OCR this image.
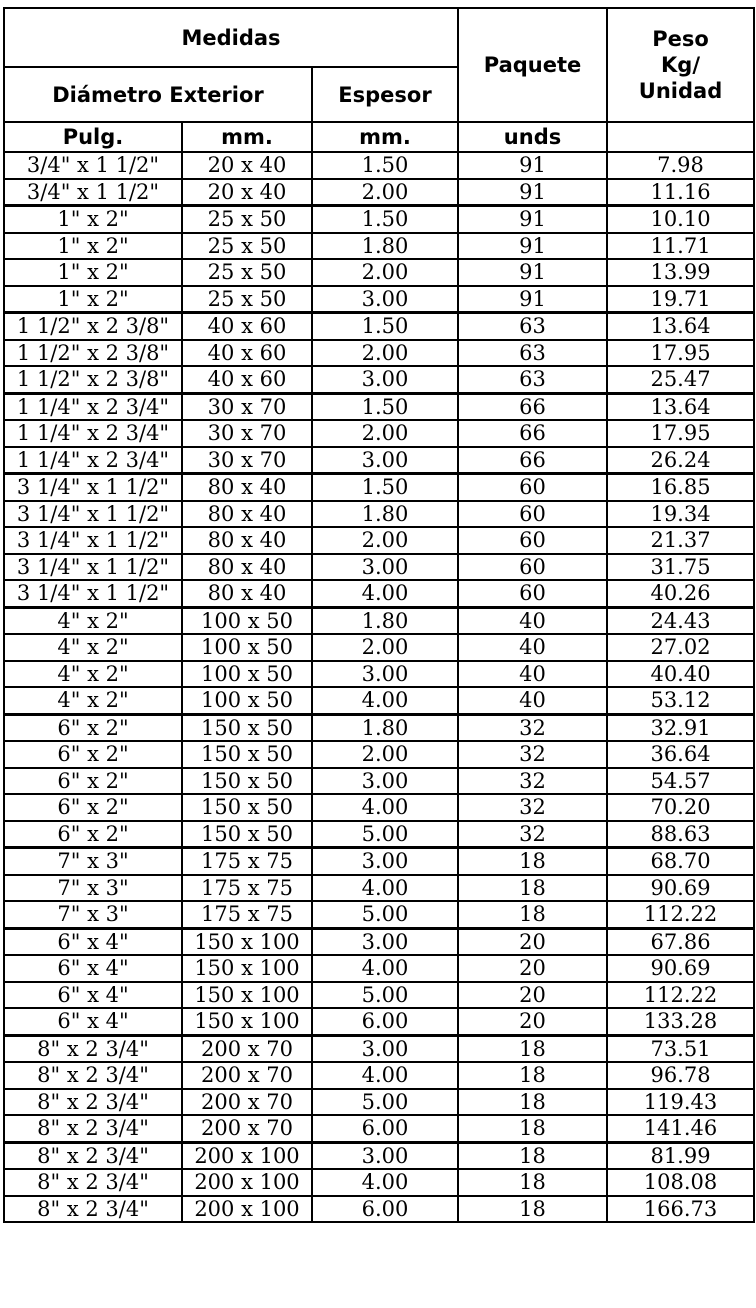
Medidas			Paquete	Peso
Kg/
Unidad

Diámetro Exterior		Espesor		
Pulg.	mm.	mm.	unds	
3/4" x 1 1/2"	20 x 40	1.50	91	7.98
3/4" x 1 1/2"	20 x 40	2.00	91	11.16
1" x 2"	25 x 50	1.50	91	10.10
1" x 2"	25 x 50	1.80	91	11.71
1" x 2"	25 x 50	2.00	91	13.99
1" x 2"	25 x 50	3.00	91	19.71
1 1/2" x 2 3/8"	40 x 60	1.50	63	13.64
1 1/2" x 2 3/8"	40 x 60	2.00	63	17.95
1 1/2" x 2 3/8"	40 x 60	3.00	63	25.47
1 1/4" x 2 3/4"	30 x 70	1.50	66	13.64
1 1/4" x 2 3/4"	30 x 70	2.00	66	17.95
1 1/4" x 2 3/4"	30 x 70	3.00	66	26.24
3 1/4" x 1 1/2"	80 x 40	1.50	60	16.85
3 1/4" x 1 1/2"	80 x 40	1.80	60	19.34
3 1/4" x 1 1/2"	80 x 40	2.00	60	21.37
3 1/4" x 1 1/2"	80 x 40	3.00	60	31.75
3 1/4" x 1 1/2"	80 x 40	4.00	60	40.26
4" x 2"	100 x 50	1.80	40	24.43
4" x 2"	100 x 50	2.00	40	27.02
4" x 2"	100 x 50	3.00	40	40.40
4" x 2"	100 x 50	4.00	40	53.12
6" x 2"	150 x 50	1.80	32	32.91
6" x 2"	150 x 50	2.00	32	36.64
6" x 2"	150 x 50	3.00	32	54.57
6" x 2"	150 x 50	4.00	32	70.20
6" x 2"	150 x 50	5.00	32	88.63
7" x 3"	175 x 75	3.00	18	68.70
7" x 3"	175 x 75	4.00	18	90.69
7" x 3"	175 x 75	5.00	18	112.22
6" x 4"	150 x 100	3.00	20	67.86
6" x 4"	150 x 100	4.00	20	90.69
6" x 4"	150 x 100	5.00	20	112.22
6" x 4"	150 x 100	6.00	20	133.28
8" x 2 3/4"	200 x 70	3.00	18	73.51
8" x 2 3/4"	200 x 70	4.00	18	96.78
8" x 2 3/4"	200 x 70	5.00	18	119.43
8" x 2 3/4"	200 x 70	6.00	18	141.46
8" x 2 3/4"	200 x 100	3.00	18	81.99
8" x 2 3/4"	200 x 100	4.00	18	108.08
8" x 2 3/4"	200 x 100	6.00	18	166.73
